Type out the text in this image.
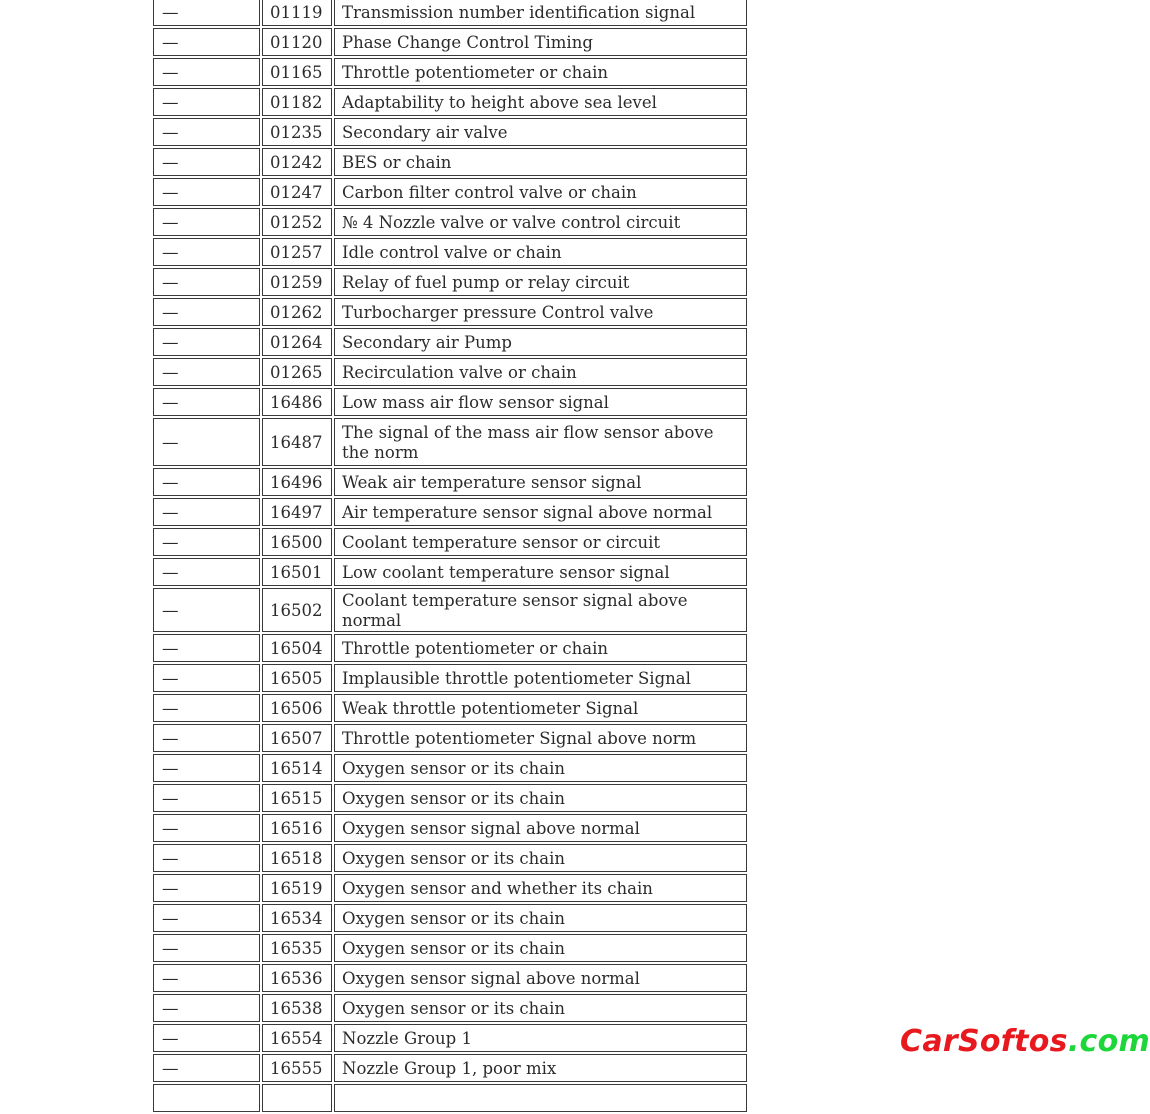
—	01119	Transmission number identification signal
—	01120	Phase Change Control Timing
—	01165	Throttle potentiometer or chain
—	01182	Adaptability to height above sea level
—	01235	Secondary air valve
—	01242	BES or chain
—	01247	Carbon filter control valve or chain
—	01252	№ 4 Nozzle valve or valve control circuit
—	01257	Idle control valve or chain
—	01259	Relay of fuel pump or relay circuit
—	01262	Turbocharger pressure Control valve
—	01264	Secondary air Pump
—	01265	Recirculation valve or chain
—	16486	Low mass air flow sensor signal
—	16487	The signal of the mass air flow sensor above the norm
—	16496	Weak air temperature sensor signal
—	16497	Air temperature sensor signal above normal
—	16500	Coolant temperature sensor or circuit
—	16501	Low coolant temperature sensor signal
—	16502	Coolant temperature sensor signal above normal
—	16504	Throttle potentiometer or chain
—	16505	Implausible throttle potentiometer Signal
—	16506	Weak throttle potentiometer Signal
—	16507	Throttle potentiometer Signal above norm
—	16514	Oxygen sensor or its chain
—	16515	Oxygen sensor or its chain
—	16516	Oxygen sensor signal above normal
—	16518	Oxygen sensor or its chain
—	16519	Oxygen sensor and whether its chain
—	16534	Oxygen sensor or its chain
—	16535	Oxygen sensor or its chain
—	16536	Oxygen sensor signal above normal
—	16538	Oxygen sensor or its chain
—	16554	Nozzle Group 1
—	16555	Nozzle Group 1, poor mix

CarSoftos.com
